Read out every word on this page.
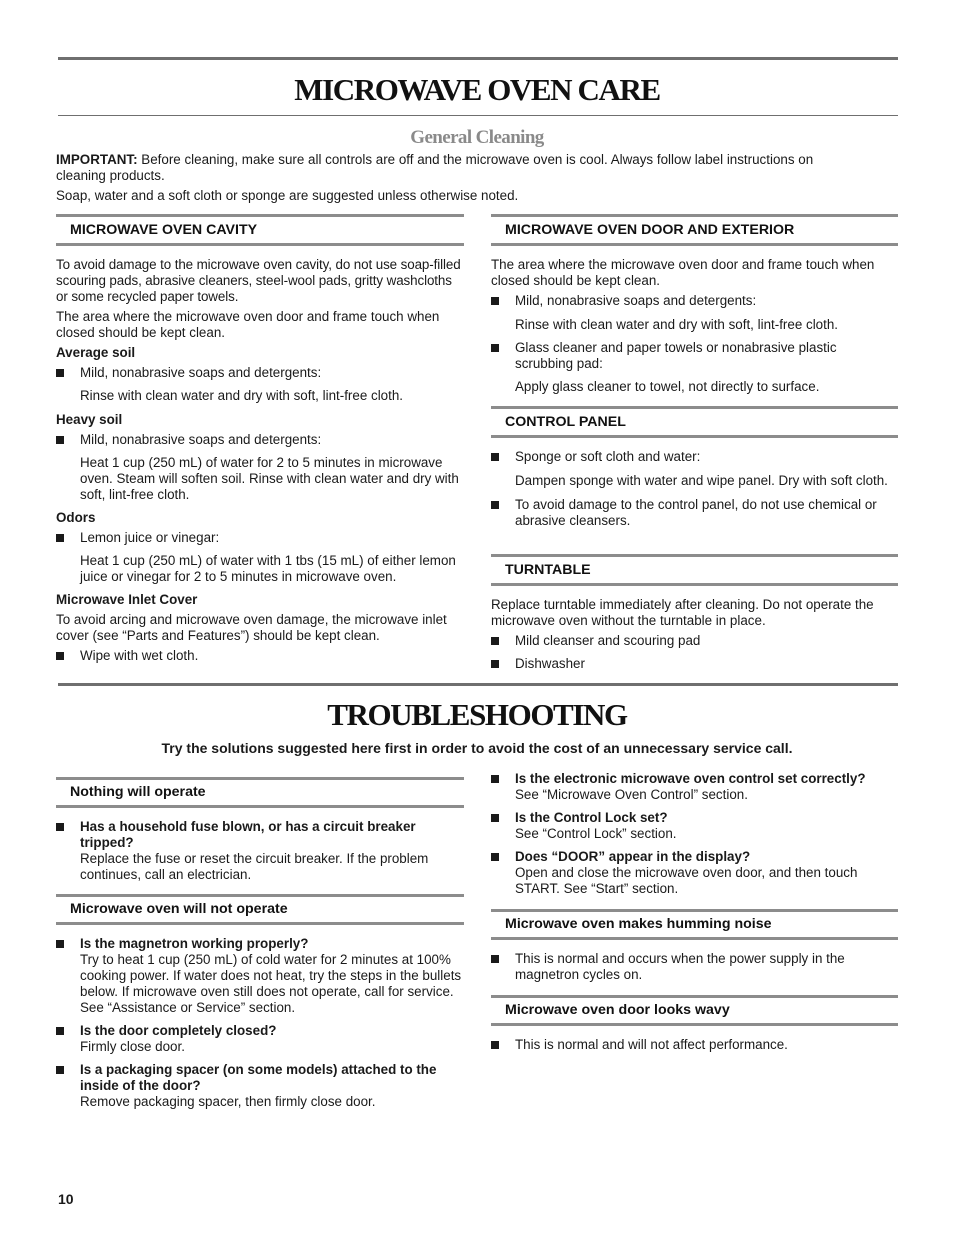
MICROWAVE OVEN CARE
General Cleaning
IMPORTANT: Before cleaning, make sure all controls are off and the microwave oven is cool. Always follow label instructions on cleaning products.
Soap, water and a soft cloth or sponge are suggested unless otherwise noted.
MICROWAVE OVEN CAVITY

To avoid damage to the microwave oven cavity, do not use soap-filled scouring pads, abrasive cleaners, steel-wool pads, gritty washcloths or some recycled paper towels.

The area where the microwave oven door and frame touch when closed should be kept clean.

Average soil

Mild, nonabrasive soaps and detergents:

Rinse with clean water and dry with soft, lint-free cloth.

Heavy soil

Mild, nonabrasive soaps and detergents:

Heat 1 cup (250 mL) of water for 2 to 5 minutes in microwave oven. Steam will soften soil. Rinse with clean water and dry with soft, lint-free cloth.

Odors

Lemon juice or vinegar:

Heat 1 cup (250 mL) of water with 1 tbs (15 mL) of either lemon juice or vinegar for 2 to 5 minutes in microwave oven.

Microwave Inlet Cover

To avoid arcing and microwave oven damage, the microwave inlet cover (see “Parts and Features”) should be kept clean.

Wipe with wet cloth.

MICROWAVE OVEN DOOR AND EXTERIOR

The area where the microwave oven door and frame touch when closed should be kept clean.

Mild, nonabrasive soaps and detergents:

Rinse with clean water and dry with soft, lint-free cloth.

Glass cleaner and paper towels or nonabrasive plastic scrubbing pad:

Apply glass cleaner to towel, not directly to surface.

CONTROL PANEL

Sponge or soft cloth and water:

Dampen sponge with water and wipe panel. Dry with soft cloth.

To avoid damage to the control panel, do not use chemical or abrasive cleansers.

TURNTABLE

Replace turntable immediately after cleaning. Do not operate the microwave oven without the turntable in place.

Mild cleanser and scouring pad

Dishwasher

TROUBLESHOOTING
Try the solutions suggested here first in order to avoid the cost of an unnecessary service call.
Nothing will operate

Has a household fuse blown, or has a circuit breaker tripped?

Replace the fuse or reset the circuit breaker. If the problem continues, call an electrician.

Microwave oven will not operate

Is the magnetron working properly?

Try to heat 1 cup (250 mL) of cold water for 2 minutes at 100% cooking power. If water does not heat, try the steps in the bullets below. If microwave oven still does not operate, call for service. See “Assistance or Service” section.

Is the door completely closed?

Firmly close door.

Is a packaging spacer (on some models) attached to the inside of the door?

Remove packaging spacer, then firmly close door.

Is the electronic microwave oven control set correctly?

See “Microwave Oven Control” section.

Is the Control Lock set?

See “Control Lock” section.

Does “DOOR” appear in the display?

Open and close the microwave oven door, and then touch START. See “Start” section.

Microwave oven makes humming noise

This is normal and occurs when the power supply in the magnetron cycles on.

Microwave oven door looks wavy

This is normal and will not affect performance.

10
